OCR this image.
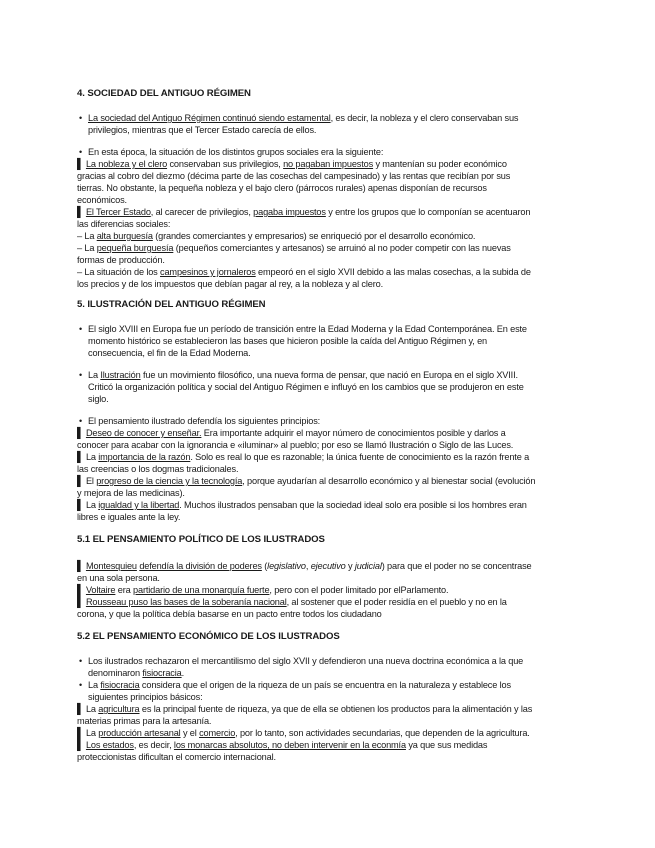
4. SOCIEDAD DEL ANTIGUO RÉGIMEN
• La sociedad del Antiguo Régimen continuó siendo estamental, es decir, la nobleza y el clero conservaban sus
privilegios, mientras que el Tercer Estado carecía de ellos.
• En esta época, la situación de los distintos grupos sociales era la siguiente:
▌ La nobleza y el clero conservaban sus privilegios, no pagaban impuestos y mantenían su poder económico
gracias al cobro del diezmo (décima parte de las cosechas del campesinado) y las rentas que recibían por sus
tierras. No obstante, la pequeña nobleza y el bajo clero (párrocos rurales) apenas disponían de recursos
económicos.
▌ El Tercer Estado, al carecer de privilegios, pagaba impuestos y entre los grupos que lo componían se acentuaron
las diferencias sociales:
– La alta burguesía (grandes comerciantes y empresarios) se enriqueció por el desarrollo económico.
– La pequeña burguesía (pequeños comerciantes y artesanos) se arruinó al no poder competir con las nuevas
formas de producción.
– La situación de los campesinos y jornaleros empeoró en el siglo XVII debido a las malas cosechas, a la subida de
los precios y de los impuestos que debían pagar al rey, a la nobleza y al clero.
5. ILUSTRACIÓN DEL ANTIGUO RÉGIMEN
• El siglo XVIII en Europa fue un período de transición entre la Edad Moderna y la Edad Contemporánea. En este
momento histórico se establecieron las bases que hicieron posible la caída del Antiguo Régimen y, en
consecuencia, el fin de la Edad Moderna.
• La Ilustración fue un movimiento filosófico, una nueva forma de pensar, que nació en Europa en el siglo XVIII.
Criticó la organización política y social del Antiguo Régimen e influyó en los cambios que se produjeron en este
siglo.
• El pensamiento ilustrado defendía los siguientes principios:
▌ Deseo de conocer y enseñar. Era importante adquirir el mayor número de conocimientos posible y darlos a
conocer para acabar con la ignorancia e «iluminar» al pueblo; por eso se llamó Ilustración o Siglo de las Luces.
▌ La importancia de la razón. Solo es real lo que es razonable; la única fuente de conocimiento es la razón frente a
las creencias o los dogmas tradicionales.
▌ El progreso de la ciencia y la tecnología, porque ayudarían al desarrollo económico y al bienestar social (evolución
y mejora de las medicinas).
▌ La igualdad y la libertad. Muchos ilustrados pensaban que la sociedad ideal solo era posible si los hombres eran
libres e iguales ante la ley.
5.1 EL PENSAMIENTO POLÍTICO DE LOS ILUSTRADOS
▌ Montesquieu defendía la división de poderes (legislativo, ejecutivo y judicial) para que el poder no se concentrase
en una sola persona.
▌ Voltaire era partidario de una monarquía fuerte, pero con el poder limitado por elParlamento.
▌ Rousseau puso las bases de la soberanía nacional, al sostener que el poder residía en el pueblo y no en la
corona, y que la política debía basarse en un pacto entre todos los ciudadano
5.2 EL PENSAMIENTO ECONÓMICO DE LOS ILUSTRADOS
• Los ilustrados rechazaron el mercantilismo del siglo XVII y defendieron una nueva doctrina económica a la que
denominaron fisiocracia.
• La fisiocracia considera que el origen de la riqueza de un país se encuentra en la naturaleza y establece los
siguientes principios básicos:
▌ La agricultura es la principal fuente de riqueza, ya que de ella se obtienen los productos para la alimentación y las
materias primas para la artesanía.
▌ La producción artesanal y el comercio, por lo tanto, son actividades secundarias, que dependen de la agricultura.
▌ Los estados, es decir, los monarcas absolutos, no deben intervenir en la econmía ya que sus medidas
proteccionistas dificultan el comercio internacional.
